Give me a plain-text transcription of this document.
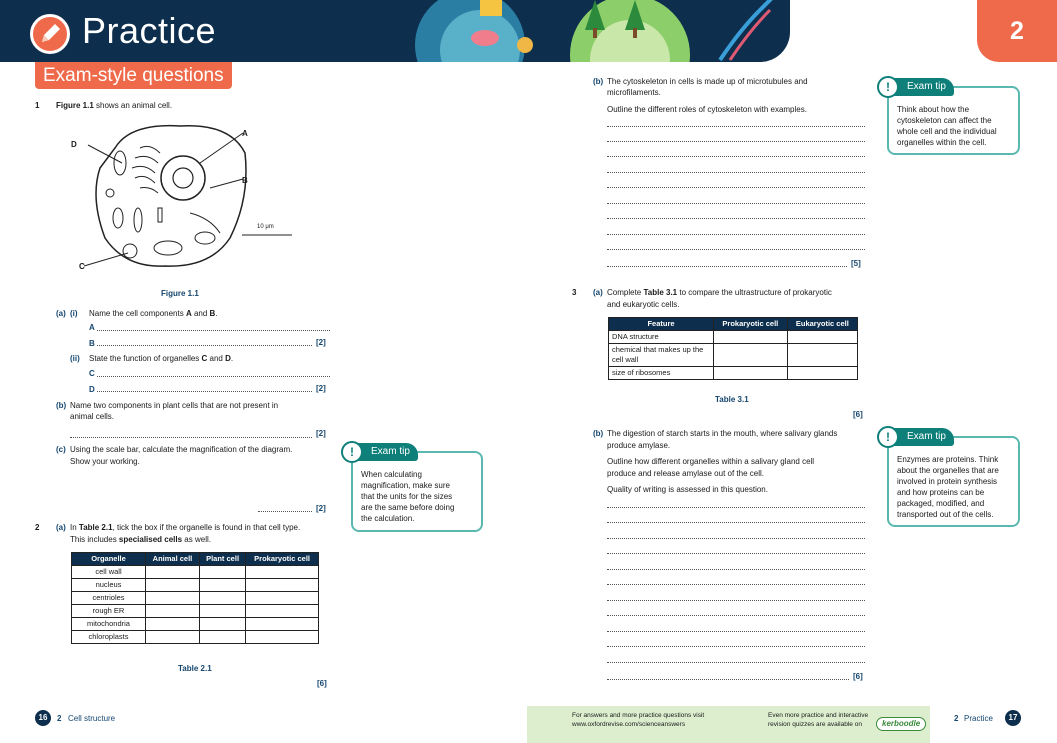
Practice	2
Exam-style questions
1 Figure 1.1 shows an animal cell.
D
A
B
C
10 μm
Figure 1.1
(a) (i) Name the cell components A and B.
A
B	[2]
(ii) State the function of organelles C and D.
C
D	[2]
(b) Name two components in plant cells that are not present in
animal cells.
[2]
(c) Using the scale bar, calculate the magnification of the diagram.
Show your working.
[2]
!	Exam tip
When calculating
magnification, make sure
that the units for the sizes
are the same before doing
the calculation.
2 (a) In Table 2.1, tick the box if the organelle is found in that cell type.
This includes specialised cells as well.
Organelle	Animal cell	Plant cell	Prokaryotic cell
cell wall			
nucleus			
centrioles			
rough ER			
mitochondria			
chloroplasts			
Table 2.1
[6]
16	2 Cell structure
(b) The cytoskeleton in cells is made up of microtubules and
microfilaments.
Outline the different roles of cytoskeleton with examples.
[5]
!	Exam tip
Think about how the
cytoskeleton can affect the
whole cell and the individual
organelles within the cell.
3 (a) Complete Table 3.1 to compare the ultrastructure of prokaryotic
and eukaryotic cells.
Feature	Prokaryotic cell	Eukaryotic cell
DNA structure		
chemical that makes up the cell wall		
size of ribosomes		
Table 3.1
[6]
(b) The digestion of starch starts in the mouth, where salivary glands
produce amylase.
Outline how different organelles within a salivary gland cell
produce and release amylase out of the cell.
Quality of writing is assessed in this question.
[6]
!	Exam tip
Enzymes are proteins. Think
about the organelles that are
involved in protein synthesis
and how proteins can be
packaged, modified, and
transported out of the cells.
For answers and more practice questions visit
www.oxfordrevise.com/scienceanswers
Even more practice and interactive
revision quizzes are available on	kerboodle
2 Practice	17
